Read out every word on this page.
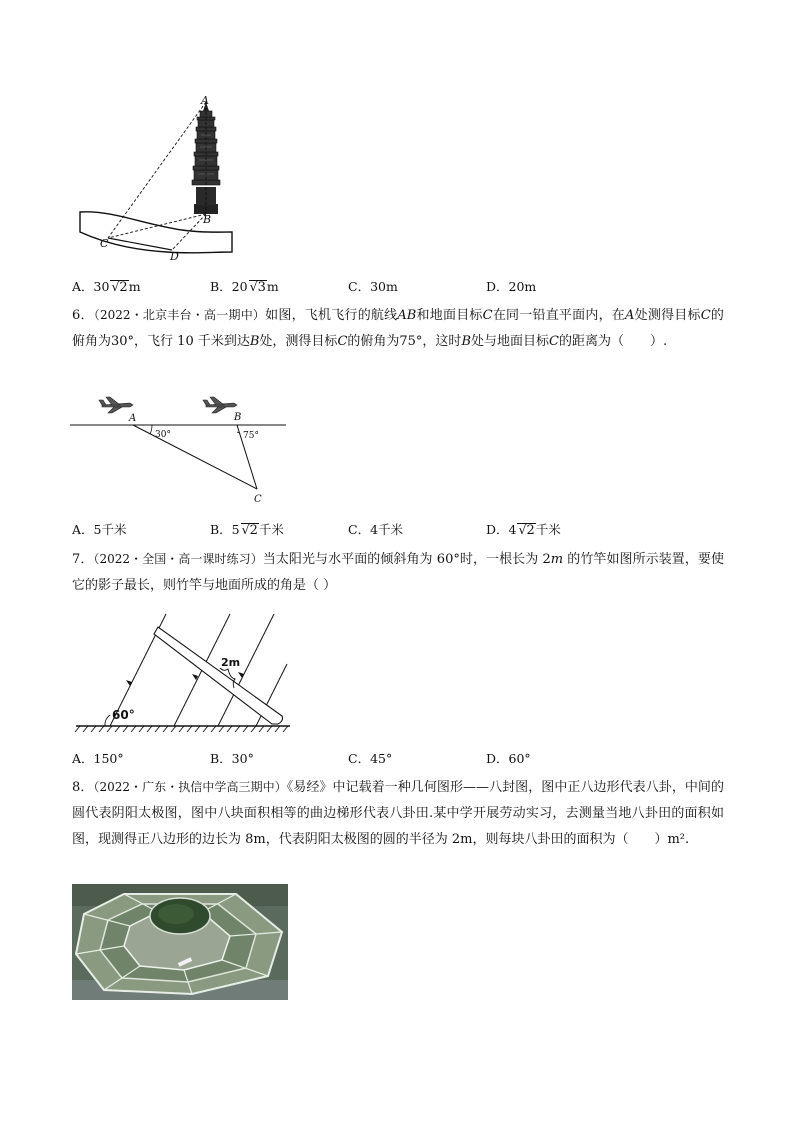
A
B
C
D
A．30 √2m	B．20 √3m	C．30m	D．20m
6．（2022・北京丰台・高一期中）如图，飞机飞行的航线AB和地面目标C在同一铅直平面内，在A处测得目标C的俯角为30°，飞行 10 千米到达B处，测得目标C的俯角为75°，这时B处与地面目标C的距离为（　　）.
A	B
C
30°	75°
A．5千米	B．5 √2千米	C．4千米	D．4 √2千米
7．（2022・全国・高一课时练习）当太阳光与水平面的倾斜角为 60°时，一根长为 2m 的竹竿如图所示装置，要使它的影子最长，则竹竿与地面所成的角是（ ）
2m
60°
A．150°	B．30°	C．45°	D．60°
8．（2022・广东・执信中学高三期中）《易经》中记载着一种几何图形——八封图，图中正八边形代表八卦，中间的圆代表阴阳太极图，图中八块面积相等的曲边梯形代表八卦田.某中学开展劳动实习，去测量当地八卦田的面积如图，现测得正八边形的边长为 8m，代表阴阳太极图的圆的半径为 2m，则每块八卦田的面积为（　　）m².
